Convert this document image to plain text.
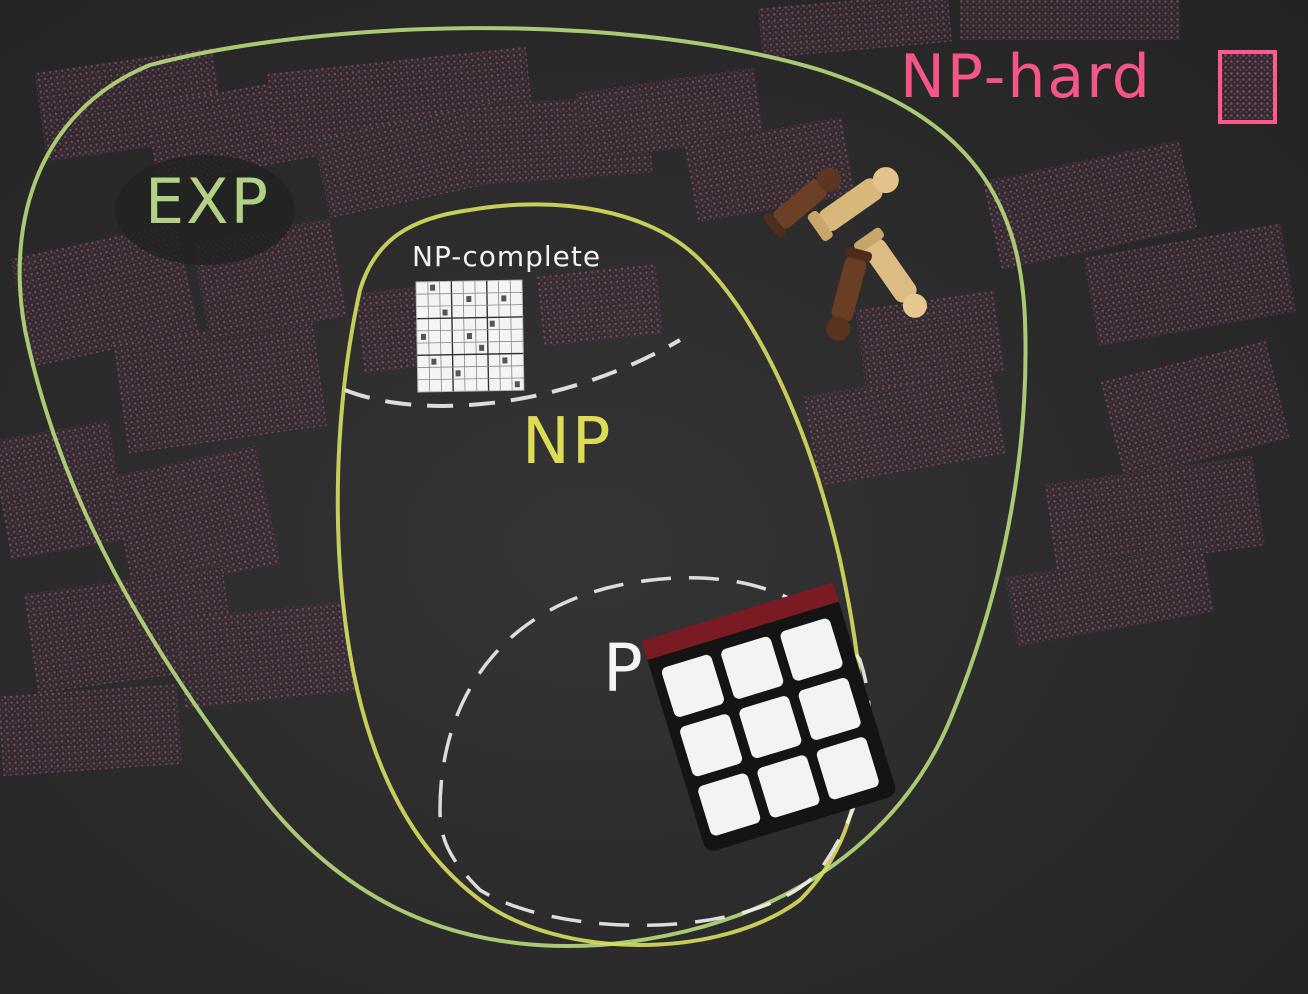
EXP
NP-hard
NP-complete
NP
P
